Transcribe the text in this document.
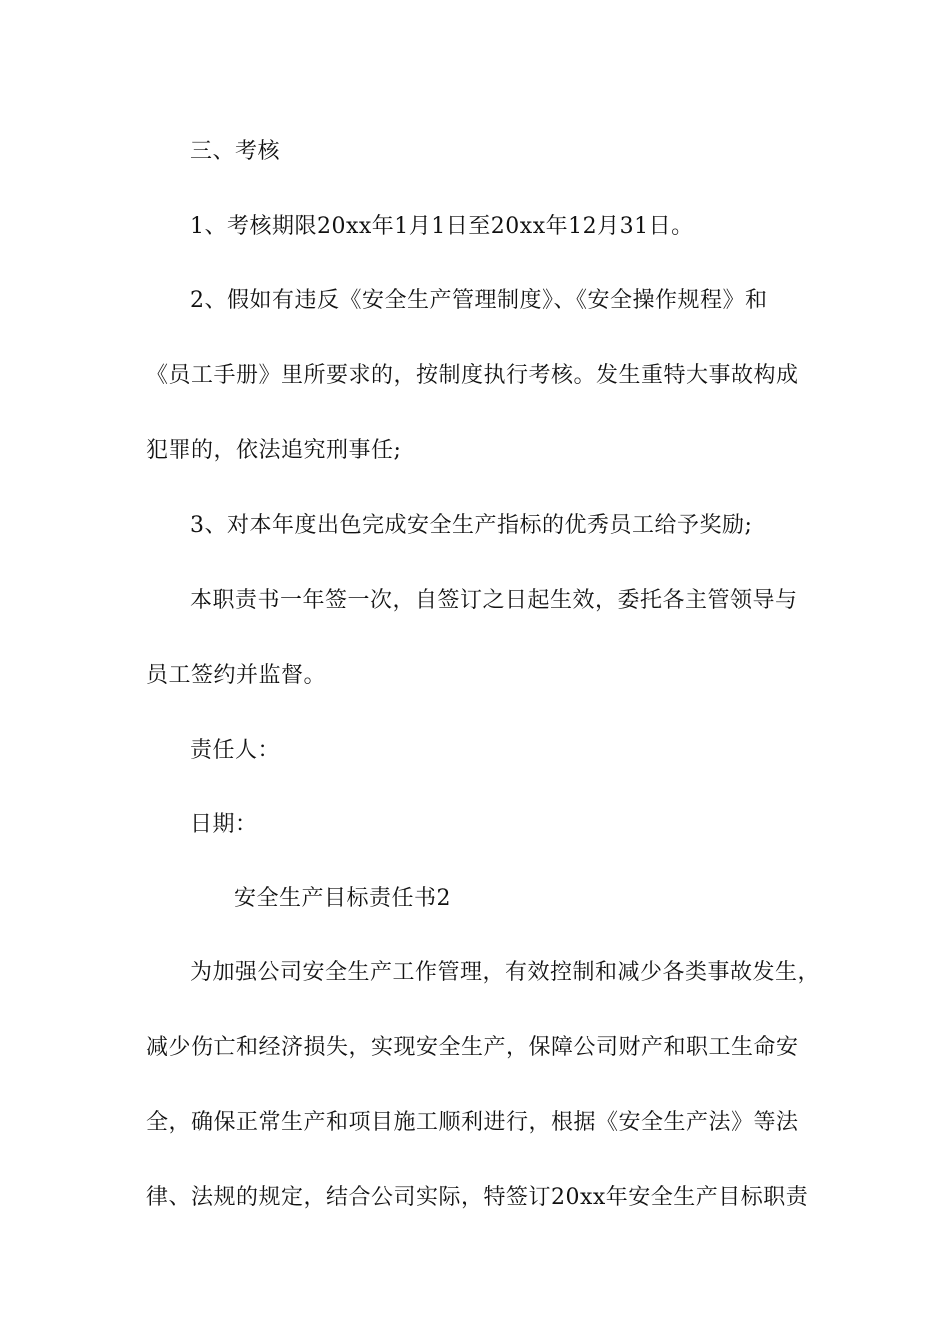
三、考核
1、考核期限20xx年1月1日至20xx年12月31日。
2、假如有违反《安全生产管理制度》、《安全操作规程》和
《员工手册》里所要求的，按制度执行考核。发生重特大事故构成
犯罪的，依法追究刑事任;
3、对本年度出色完成安全生产指标的优秀员工给予奖励;
本职责书一年签一次，自签订之日起生效，委托各主管领导与
员工签约并监督。
责任人：
日期：
安全生产目标责任书2
为加强公司安全生产工作管理，有效控制和减少各类事故发生，
减少伤亡和经济损失，实现安全生产，保障公司财产和职工生命安
全，确保正常生产和项目施工顺利进行，根据《安全生产法》等法
律、法规的规定，结合公司实际，特签订20xx年安全生产目标职责
